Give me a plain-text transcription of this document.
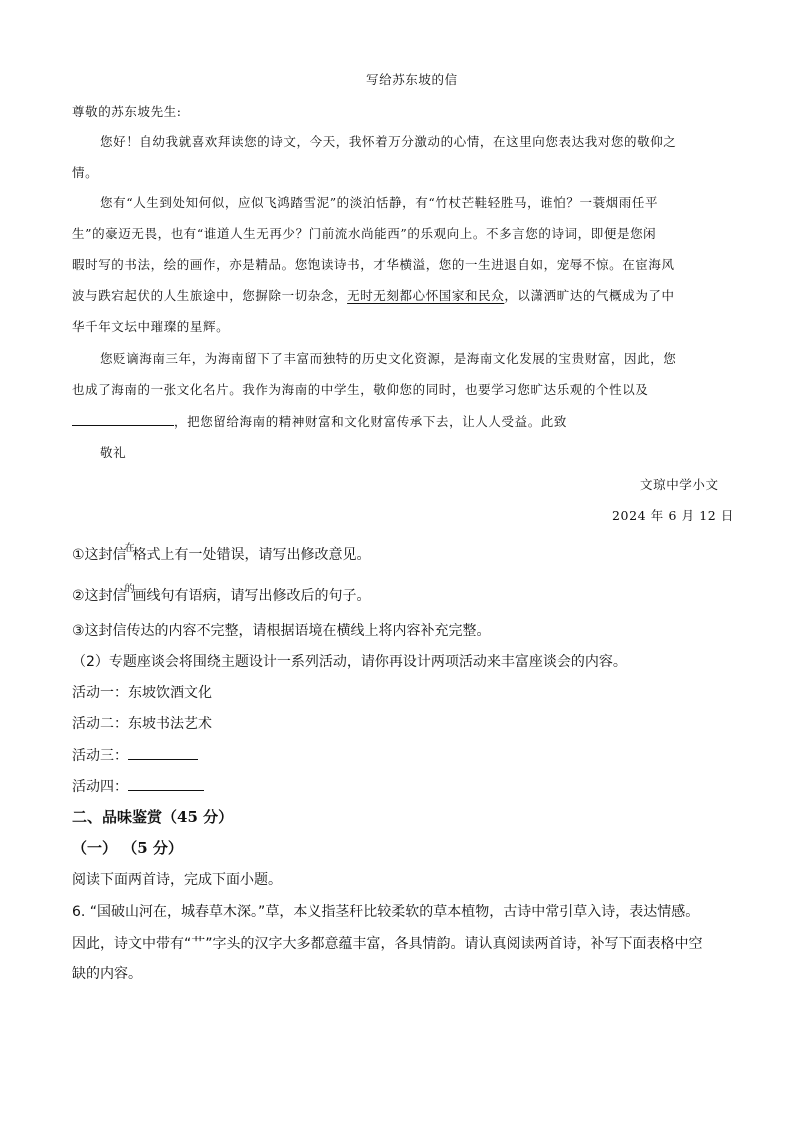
写给苏东坡的信
尊敬的苏东坡先生:
您好！自幼我就喜欢拜读您的诗文，今天，我怀着万分激动的心情，在这里向您表达我对您的敬仰之
情。
您有“人生到处知何似，应似飞鸿踏雪泥”的淡泊恬静，有“竹杖芒鞋轻胜马，谁怕？一蓑烟雨任平
生”的豪迈无畏，也有“谁道人生无再少？门前流水尚能西”的乐观向上。不多言您的诗词，即便是您闲
暇时写的书法，绘的画作，亦是精品。您饱读诗书，才华横溢，您的一生进退自如，宠辱不惊。在宦海风
波与跌宕起伏的人生旅途中，您摒除一切杂念，无时无刻都心怀国家和民众，以潇洒旷达的气概成为了中
华千年文坛中璀璨的星辉。
您贬谪海南三年，为海南留下了丰富而独特的历史文化资源，是海南文化发展的宝贵财富，因此，您
也成了海南的一张文化名片。我作为海南的中学生，敬仰您的同时，也要学习您旷达乐观的个性以及
，把您留给海南的精神财富和文化财富传承下去，让人人受益。此致
敬礼
文琼中学小文
2024 年 6 月 12 日
①这封信$^在$格式上有一处错误，请写出修改意见。
②这封信$^的$画线句有语病，请写出修改后的句子。
③这封信传达的内容不完整，请根据语境在横线上将内容补充完整。
（2）专题座谈会将围绕主题设计一系列活动，请你再设计两项活动来丰富座谈会的内容。
活动一：东坡饮酒文化
活动二：东坡书法艺术
活动三：
活动四：
二、品味鉴赏（45 分）
（一） （5 分）
阅读下面两首诗，完成下面小题。
6. “国破山河在，城春草木深。”草，本义指茎秆比较柔软的草本植物，古诗中常引草入诗，表达情感。
因此，诗文中带有“艹”字头的汉字大多都意蕴丰富，各具情韵。请认真阅读两首诗，补写下面表格中空
缺的内容。
